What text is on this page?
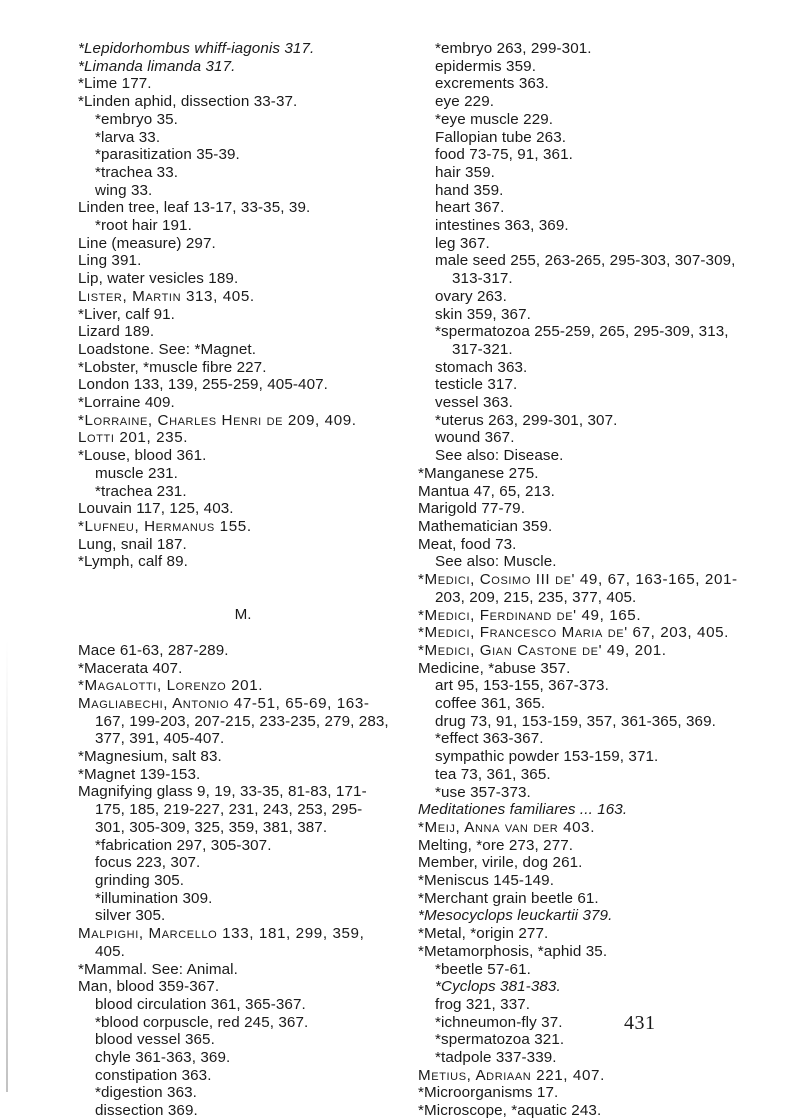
*Lepidorhombus whiff-iagonis 317.
*Limanda limanda 317.
*Lime 177.
*Linden aphid, dissection 33-37.
*embryo 35.
*larva 33.
*parasitization 35-39.
*trachea 33.
wing 33.
Linden tree, leaf 13-17, 33-35, 39.
*root hair 191.
Line (measure) 297.
Ling 391.
Lip, water vesicles 189.
Lister, Martin 313, 405.
*Liver, calf 91.
Lizard 189.
Loadstone. See: *Magnet.
*Lobster, *muscle fibre 227.
London 133, 139, 255-259, 405-407.
*Lorraine 409.
*Lorraine, Charles Henri de 209, 409.
Lotti 201, 235.
*Louse, blood 361.
muscle 231.
*trachea 231.
Louvain 117, 125, 403.
*Lufneu, Hermanus 155.
Lung, snail 187.
*Lymph, calf 89.
M.
Mace 61-63, 287-289.
*Macerata 407.
*Magalotti, Lorenzo 201.
Magliabechi, Antonio 47-51, 65-69, 163-
167, 199-203, 207-215, 233-235, 279, 283,
377, 391, 405-407.
*Magnesium, salt 83.
*Magnet 139-153.
Magnifying glass 9, 19, 33-35, 81-83, 171-
175, 185, 219-227, 231, 243, 253, 295-
301, 305-309, 325, 359, 381, 387.
*fabrication 297, 305-307.
focus 223, 307.
grinding 305.
*illumination 309.
silver 305.
Malpighi, Marcello 133, 181, 299, 359,
405.
*Mammal. See: Animal.
Man, blood 359-367.
blood circulation 361, 365-367.
*blood corpuscle, red 245, 367.
blood vessel 365.
chyle 361-363, 369.
constipation 363.
*digestion 363.
dissection 369.
*embryo 263, 299-301.
epidermis 359.
excrements 363.
eye 229.
*eye muscle 229.
Fallopian tube 263.
food 73-75, 91, 361.
hair 359.
hand 359.
heart 367.
intestines 363, 369.
leg 367.
male seed 255, 263-265, 295-303, 307-309,
313-317.
ovary 263.
skin 359, 367.
*spermatozoa 255-259, 265, 295-309, 313,
317-321.
stomach 363.
testicle 317.
vessel 363.
*uterus 263, 299-301, 307.
wound 367.
See also: Disease.
*Manganese 275.
Mantua 47, 65, 213.
Marigold 77-79.
Mathematician 359.
Meat, food 73.
See also: Muscle.
*Medici, Cosimo III de' 49, 67, 163-165, 201-
203, 209, 215, 235, 377, 405.
*Medici, Ferdinand de' 49, 165.
*Medici, Francesco Maria de' 67, 203, 405.
*Medici, Gian Castone de' 49, 201.
Medicine, *abuse 357.
art 95, 153-155, 367-373.
coffee 361, 365.
drug 73, 91, 153-159, 357, 361-365, 369.
*effect 363-367.
sympathic powder 153-159, 371.
tea 73, 361, 365.
*use 357-373.
Meditationes familiares ... 163.
*Meij, Anna van der 403.
Melting, *ore 273, 277.
Member, virile, dog 261.
*Meniscus 145-149.
*Merchant grain beetle 61.
*Mesocyclops leuckartii 379.
*Metal, *origin 277.
*Metamorphosis, *aphid 35.
*beetle 57-61.
*Cyclops 381-383.
frog 321, 337.
*ichneumon-fly 37.
*spermatozoa 321.
*tadpole 337-339.
Metius, Adriaan 221, 407.
*Microorganisms 17.
*Microscope, *aquatic 243.
431
